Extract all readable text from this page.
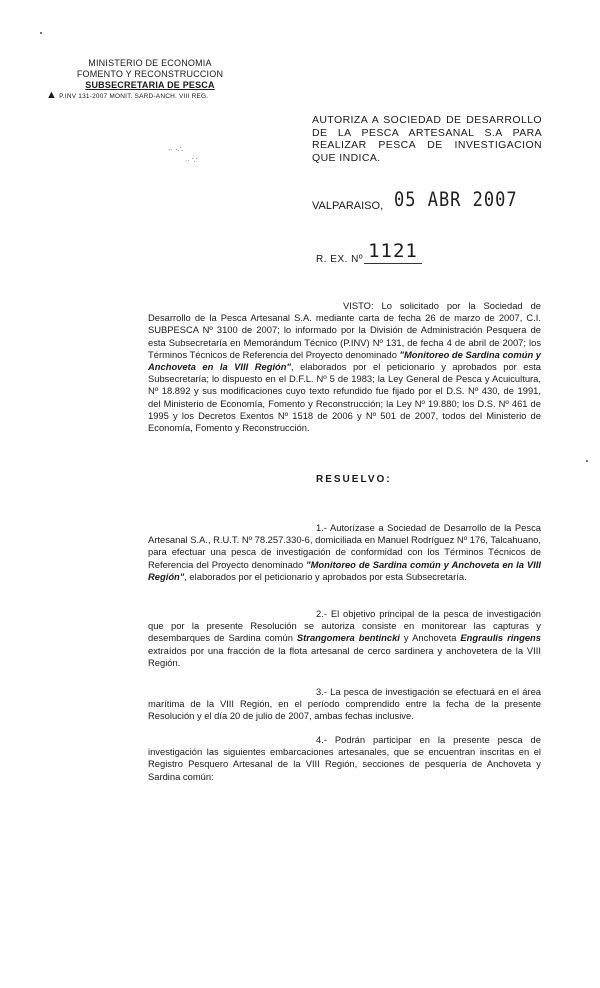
MINISTERIO DE ECONOMIA
FOMENTO Y RECONSTRUCCION
SUBSECRETARIA DE PESCA
▲ P.INV 131-2007 MONIT. SARD-ANCH. VIII REG.
·∙ ·∴
∙· ∵
AUTORIZA A SOCIEDAD DE DESARROLLO DE LA PESCA ARTESANAL S.A PARA REALIZAR PESCA DE INVESTIGACION QUE INDICA.
VALPARAISO, 05 ABR 2007
R. EX. Nº 1121
VISTO: Lo solicitado por la Sociedad de Desarrollo de la Pesca Artesanal S.A. mediante carta de fecha 26 de marzo de 2007, C.I. SUBPESCA Nº 3100 de 2007; lo informado por la División de Administración Pesquera de esta Subsecretaría en Memorándum Técnico (P.INV) Nº 131, de fecha 4 de abril de 2007; los Términos Técnicos de Referencia del Proyecto denominado "Monitoreo de Sardina común y Anchoveta en la VIII Región", elaborados por el peticionario y aprobados por esta Subsecretaría; lo dispuesto en el D.F.L. Nº 5 de 1983; la Ley General de Pesca y Acuicultura, Nº 18.892 y sus modificaciones cuyo texto refundido fue fijado por el D.S. Nº 430, de 1991, del Ministerio de Economía, Fomento y Reconstrucción; la Ley Nº 19.880; los D.S. Nº 461 de 1995 y los Decretos Exentos Nº 1518 de 2006 y Nº 501 de 2007, todos del Ministerio de Economía, Fomento y Reconstrucción.
RESUELVO:
1.- Autorízase a Sociedad de Desarrollo de la Pesca Artesanal S.A., R.U.T. Nº 78.257.330-6, domiciliada en Manuel Rodríguez Nº 176, Talcahuano, para efectuar una pesca de investigación de conformidad con los Términos Técnicos de Referencia del Proyecto denominado "Monitoreo de Sardina común y Anchoveta en la VIII Región", elaborados por el peticionario y aprobados por esta Subsecretaría.
2.- El objetivo principal de la pesca de investigación que por la presente Resolución se autoriza consiste en monitorear las capturas y desembarques de Sardina común Strangomera bentincki y Anchoveta Engraulis ringens extraídos por una fracción de la flota artesanal de cerco sardinera y anchovetera de la VIII Región.
3.- La pesca de investigación se efectuará en el área marítima de la VIII Región, en el período comprendido entre la fecha de la presente Resolución y el día 20 de julio de 2007, ambas fechas inclusive.
4.- Podrán participar en la presente pesca de investigación las siguientes embarcaciones artesanales, que se encuentran inscritas en el Registro Pesquero Artesanal de la VIII Región, secciones de pesquería de Anchoveta y Sardina común:
